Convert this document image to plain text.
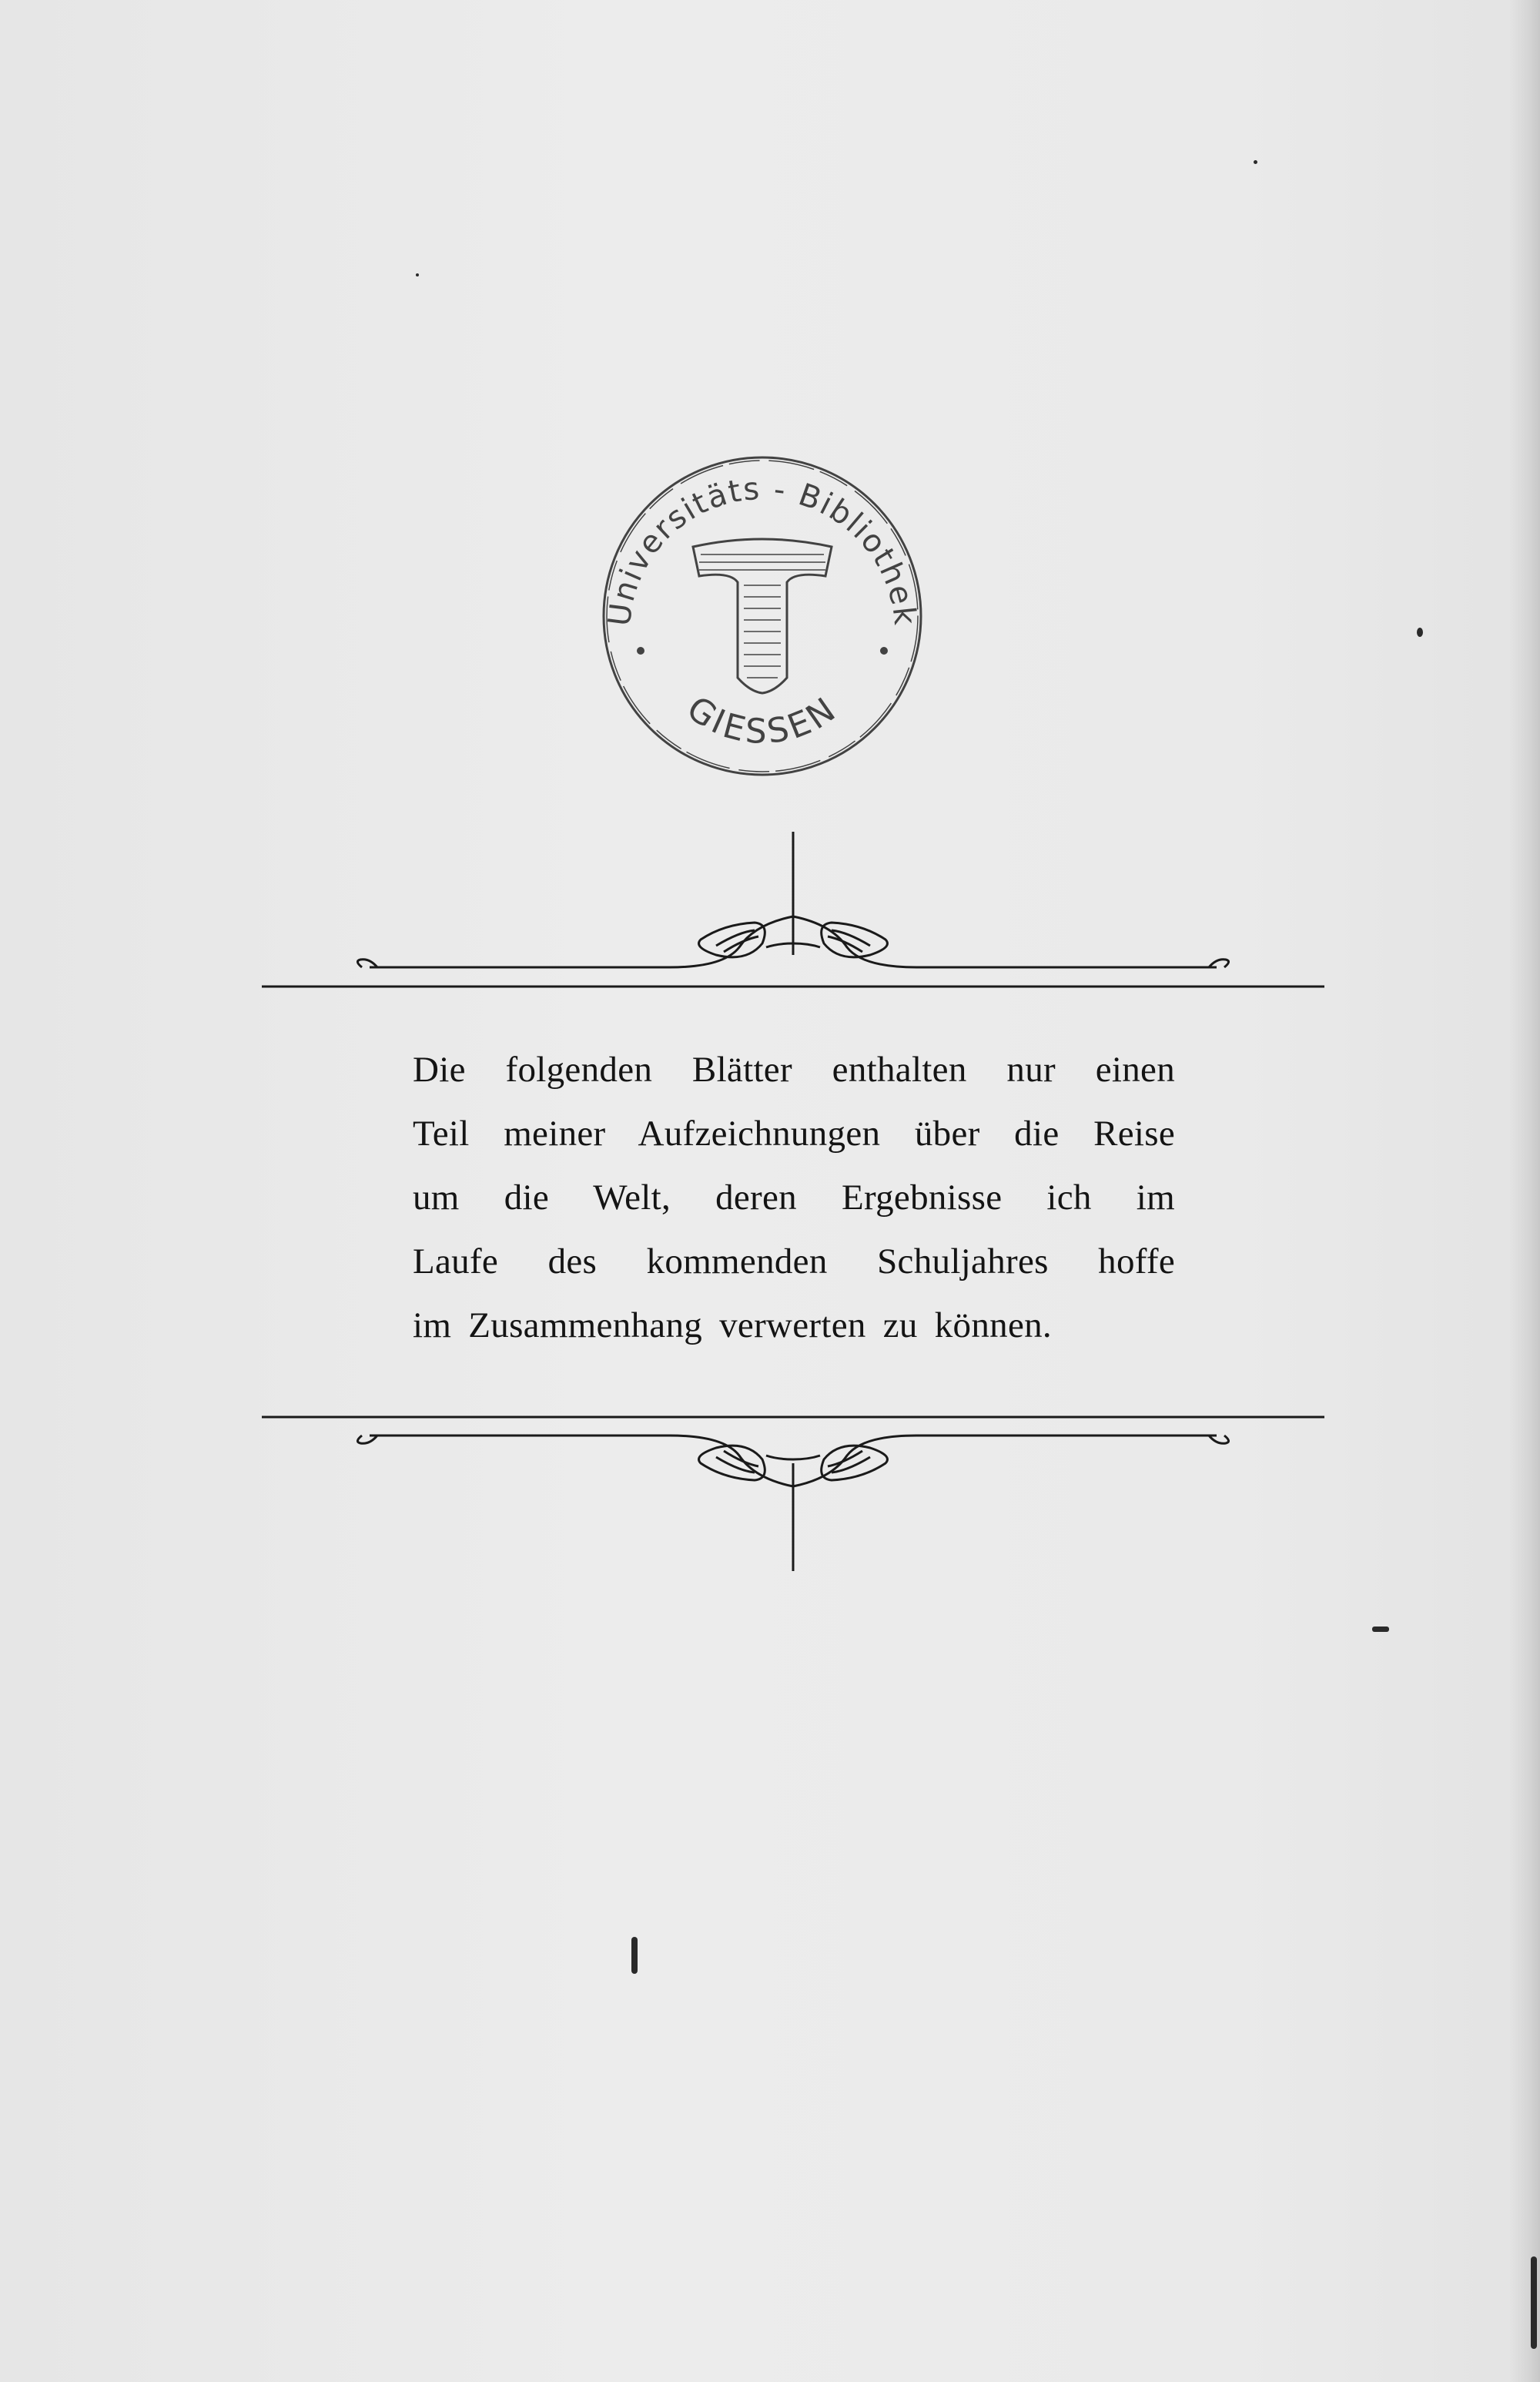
Universitäts - Bibliothek
GIESSEN
Die folgenden Blätter enthalten nur einen
Teil meiner Aufzeichnungen über die Reise
um die Welt, deren Ergebnisse ich im
Laufe des kommenden Schuljahres hoffe
im Zusammenhang verwerten zu können.
